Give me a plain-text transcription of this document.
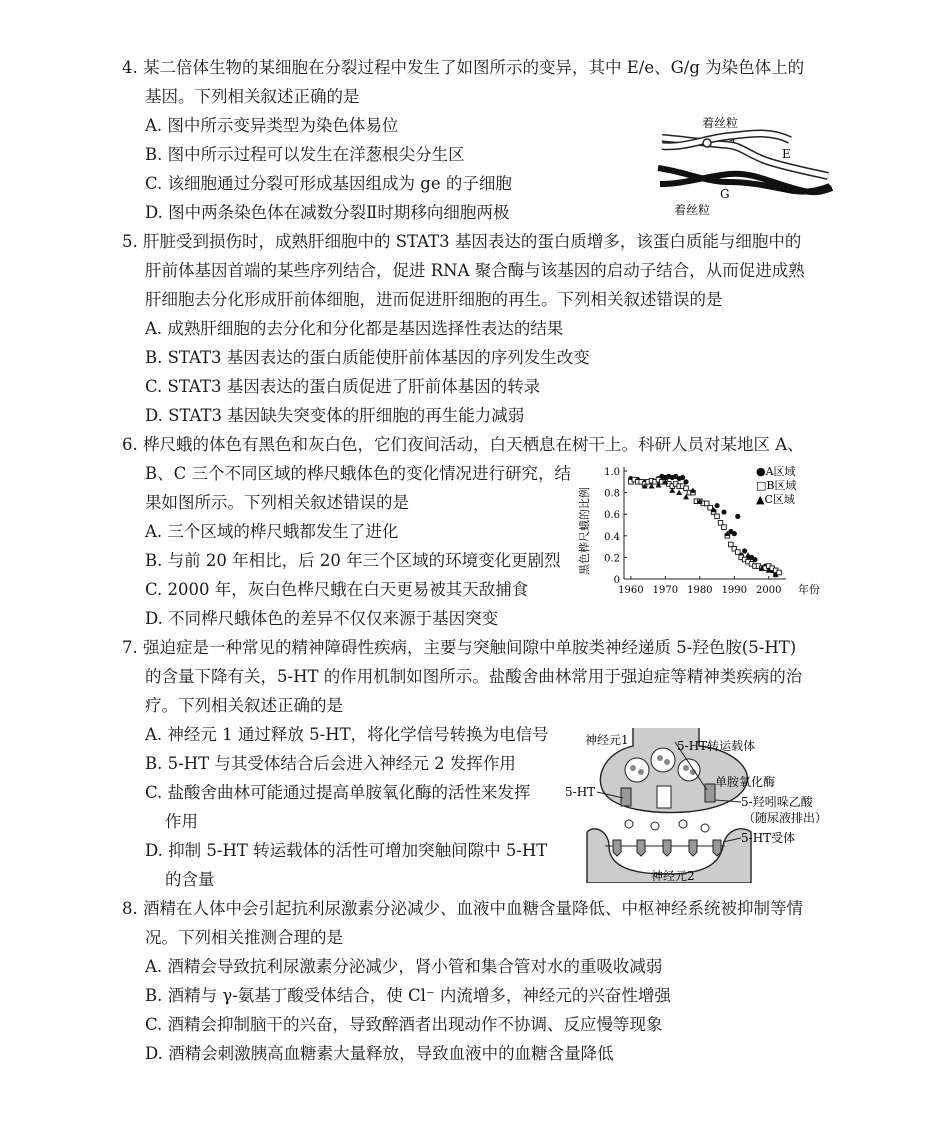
4. 某二倍体生物的某细胞在分裂过程中发生了如图所示的变异，其中 E/e、G/g 为染色体上的
基因。下列相关叙述正确的是
A. 图中所示变异类型为染色体易位
B. 图中所示过程可以发生在洋葱根尖分生区
C. 该细胞通过分裂可形成基因组成为 ge 的子细胞
D. 图中两条染色体在减数分裂Ⅱ时期移向细胞两极
着丝粒
g
E
G	e
着丝粒
5. 肝脏受到损伤时，成熟肝细胞中的 STAT3 基因表达的蛋白质增多，该蛋白质能与细胞中的
肝前体基因首端的某些序列结合，促进 RNA 聚合酶与该基因的启动子结合，从而促进成熟
肝细胞去分化形成肝前体细胞，进而促进肝细胞的再生。下列相关叙述错误的是
A. 成熟肝细胞的去分化和分化都是基因选择性表达的结果
B. STAT3 基因表达的蛋白质能使肝前体基因的序列发生改变
C. STAT3 基因表达的蛋白质促进了肝前体基因的转录
D. STAT3 基因缺失突变体的肝细胞的再生能力减弱
6. 桦尺蛾的体色有黑色和灰白色，它们夜间活动，白天栖息在树干上。科研人员对某地区 A、
B、C 三个不同区域的桦尺蛾体色的变化情况进行研究，结
果如图所示。下列相关叙述错误的是
A. 三个区域的桦尺蛾都发生了进化
B. 与前 20 年相比，后 20 年三个区域的环境变化更剧烈
C. 2000 年，灰白色桦尺蛾在白天更易被其天敌捕食
D. 不同桦尺蛾体色的差异不仅仅来源于基因突变
黑色桦尺蛾的比例
0
0.2
0.4
0.6
0.8
1.0
1960 1970 1980 1990 2000 年份
●A区域
□B区域
▲C区域
7. 强迫症是一种常见的精神障碍性疾病，主要与突触间隙中单胺类神经递质 5-羟色胺(5-HT)
的含量下降有关，5-HT 的作用机制如图所示。盐酸舍曲林常用于强迫症等精神类疾病的治
疗。下列相关叙述正确的是
A. 神经元 1 通过释放 5-HT，将化学信号转换为电信号
B. 5-HT 与其受体结合后会进入神经元 2 发挥作用
C. 盐酸舍曲林可能通过提高单胺氧化酶的活性来发挥
作用
D. 抑制 5-HT 转运载体的活性可增加突触间隙中 5-HT
的含量
神经元1	5-HT转运载体
单胺氧化酶
5-HT
5-羟吲哚乙酸
（随尿液排出）
5-HT受体
神经元2
8. 酒精在人体中会引起抗利尿激素分泌减少、血液中血糖含量降低、中枢神经系统被抑制等情
况。下列相关推测合理的是
A. 酒精会导致抗利尿激素分泌减少，肾小管和集合管对水的重吸收减弱
B. 酒精与 γ-氨基丁酸受体结合，使 Cl⁻ 内流增多，神经元的兴奋性增强
C. 酒精会抑制脑干的兴奋，导致醉酒者出现动作不协调、反应慢等现象
D. 酒精会刺激胰高血糖素大量释放，导致血液中的血糖含量降低
